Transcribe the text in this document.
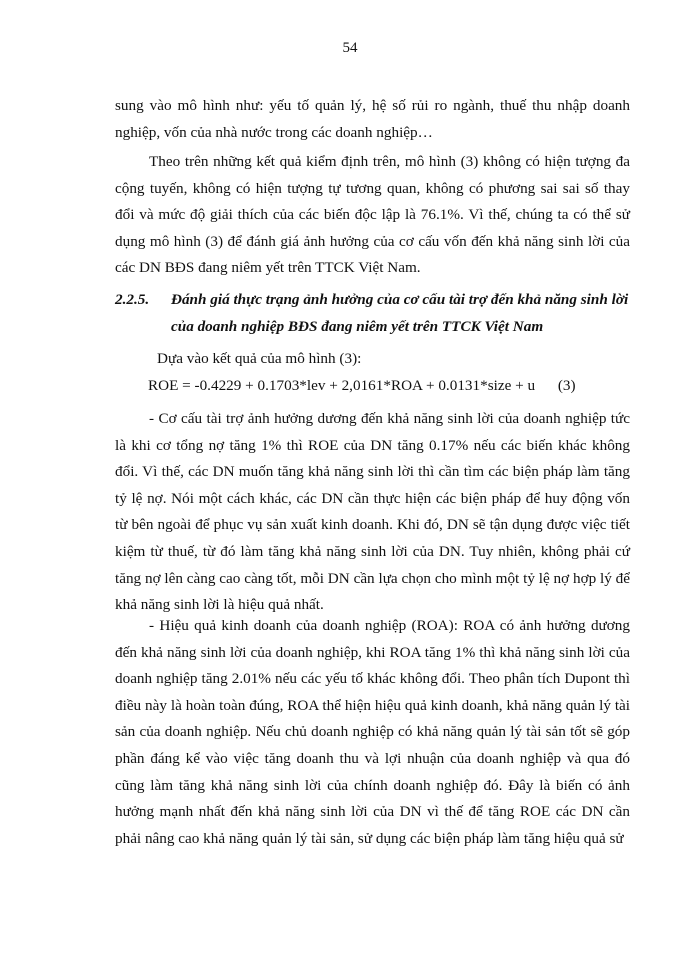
54

sung vào mô hình như: yếu tố quản lý, hệ số rủi ro ngành, thuế thu nhập doanh nghiệp, vốn của nhà nước trong các doanh nghiệp…

Theo trên những kết quả kiểm định trên, mô hình (3) không có hiện tượng đa cộng tuyến, không có hiện tượng tự tương quan, không có phương sai sai số thay đổi và mức độ giải thích của các biến độc lập là 76.1%. Vì thế, chúng ta có thể sử dụng mô hình (3) để đánh giá ảnh hưởng của cơ cấu vốn đến khả năng sinh lời của các DN BĐS đang niêm yết trên TTCK Việt Nam.

2.2.5. Đánh giá thực trạng ảnh hưởng của cơ cấu tài trợ đến khả năng sinh lời
của doanh nghiệp BĐS đang niêm yết trên TTCK Việt Nam

Dựa vào kết quả của mô hình (3):

ROE = -0.4229 + 0.1703*lev + 2,0161*ROA + 0.0131*size + u (3)

- Cơ cấu tài trợ ảnh hưởng dương đến khả năng sinh lời của doanh nghiệp tức là khi cơ tổng nợ tăng 1% thì ROE của DN tăng 0.17% nếu các biến khác không đổi. Vì thế, các DN muốn tăng khả năng sinh lời thì cần tìm các biện pháp làm tăng tỷ lệ nợ. Nói một cách khác, các DN cần thực hiện các biện pháp để huy động vốn từ bên ngoài để phục vụ sản xuất kinh doanh. Khi đó, DN sẽ tận dụng được việc tiết kiệm từ thuế, từ đó làm tăng khả năng sinh lời của DN. Tuy nhiên, không phải cứ tăng nợ lên càng cao càng tốt, mỗi DN cần lựa chọn cho mình một tỷ lệ nợ hợp lý để khả năng sinh lời là hiệu quả nhất.

- Hiệu quả kinh doanh của doanh nghiệp (ROA): ROA có ảnh hưởng dương đến khả năng sinh lời của doanh nghiệp, khi ROA tăng 1% thì khả năng sinh lời của doanh nghiệp tăng 2.01% nếu các yếu tố khác không đổi. Theo phân tích Dupont thì điều này là hoàn toàn đúng, ROA thể hiện hiệu quả kinh doanh, khả năng quản lý tài sản của doanh nghiệp. Nếu chủ doanh nghiệp có khả năng quản lý tài sản tốt sẽ góp phần đáng kể vào việc tăng doanh thu và lợi nhuận của doanh nghiệp và qua đó cũng làm tăng khả năng sinh lời của chính doanh nghiệp đó. Đây là biến có ảnh hưởng mạnh nhất đến khả năng sinh lời của DN vì thế để tăng ROE các DN cần phải nâng cao khả năng quản lý tài sản, sử dụng các biện pháp làm tăng hiệu quả sử
